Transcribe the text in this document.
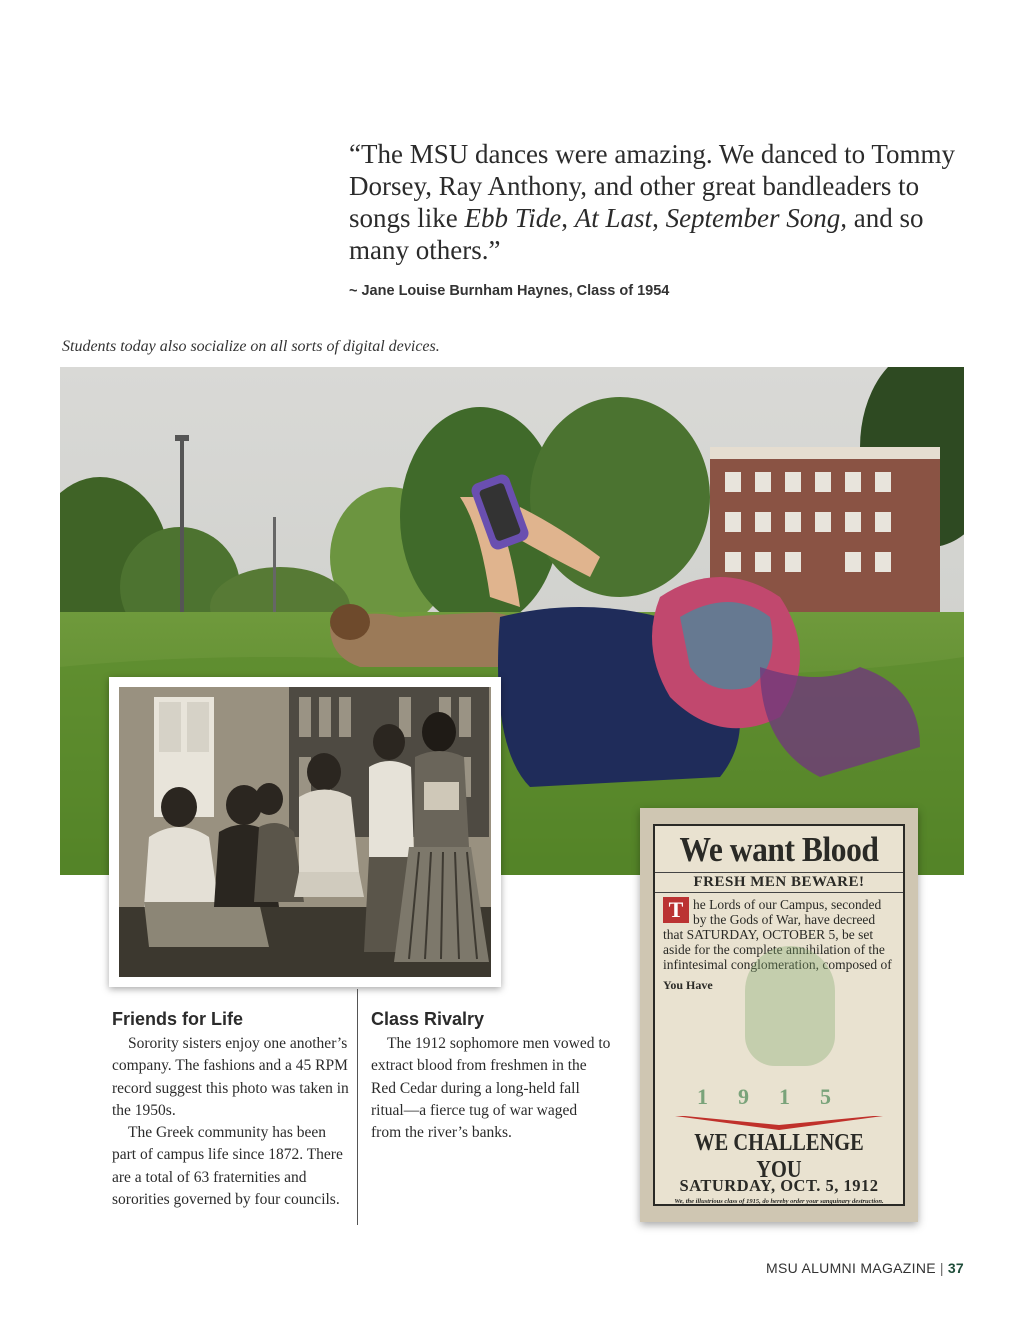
“The MSU dances were amazing. We danced to Tommy Dorsey, Ray Anthony, and other great bandleaders to songs like Ebb Tide, At Last, September Song, and so many others.”
~ Jane Louise Burnham Haynes, Class of 1954
Students today also socialize on all sorts of digital devices.
We want Blood
FRESH MEN BEWARE!
T he Lords of our Campus, seconded by the Gods of War, have decreed that SATURDAY, OCTOBER 5, be set aside for the complete annihilation of the infintesimal conglomeration, composed of
You Have
1915
WE CHALLENGE YOU
SATURDAY, OCT. 5, 1912
We, the illustrious class of 1915, do hereby order your sanguinary destruction.
Friends for Life

Sorority sisters enjoy one another’s company. The fashions and a 45 RPM record suggest this photo was taken in the 1950s.

The Greek community has been part of campus life since 1872. There are a total of 63 fraternities and sororities governed by four councils.

Class Rivalry

The 1912 sophomore men vowed to extract blood from freshmen in the Red Cedar during a long-held fall ritual—a fierce tug of war waged from the river’s banks.

MSU ALUMNI MAGAZINE | 37
